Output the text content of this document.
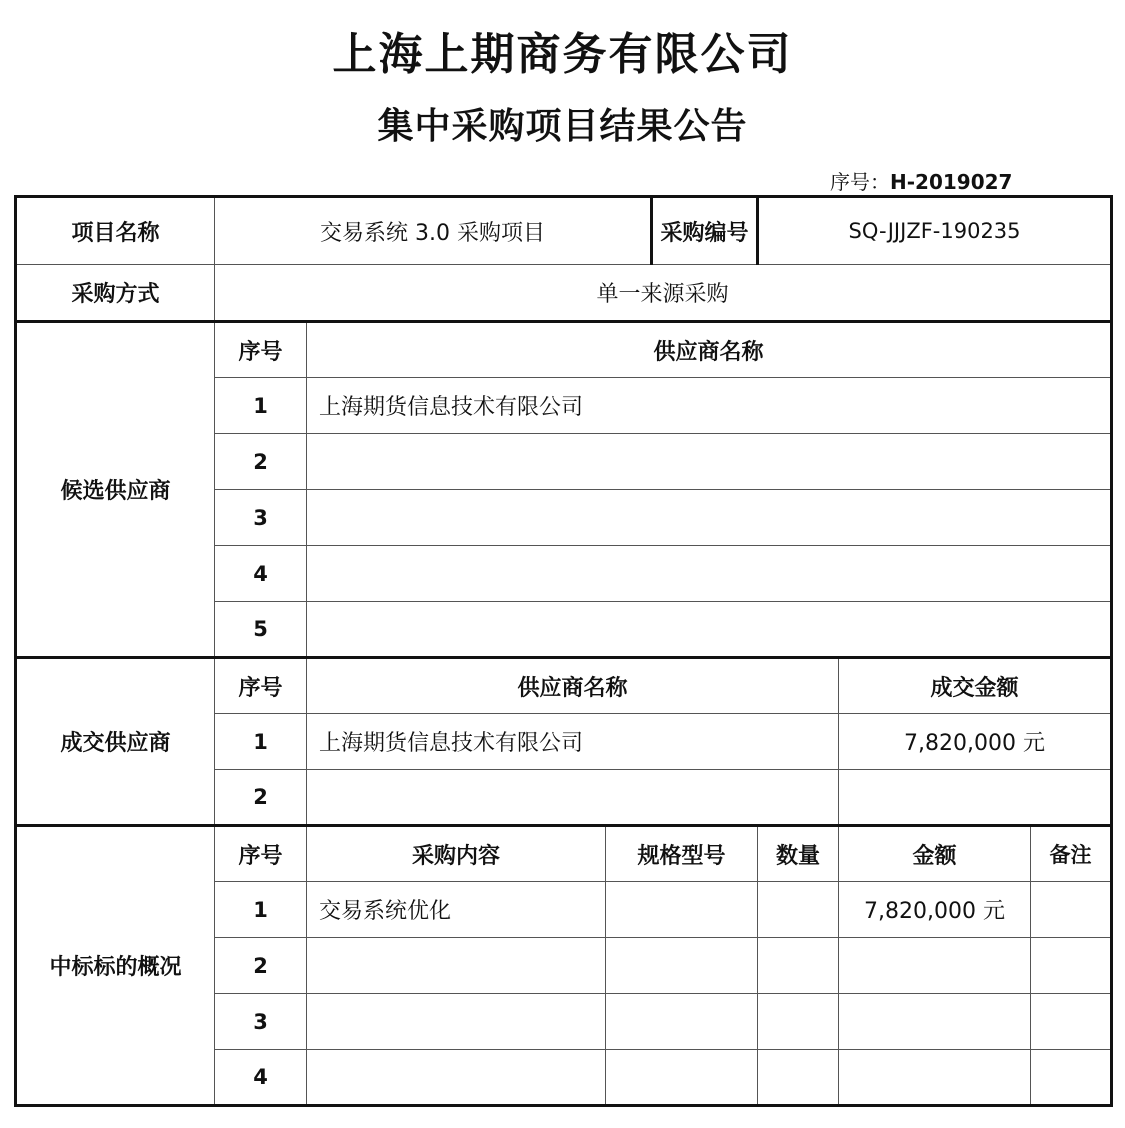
上海上期商务有限公司
集中采购项目结果公告
序号：H-2019027
项目名称	交易系统 3.0 采购项目			采购编号	SQ-JJJZF-190235		
采购方式	单一来源采购						
候选供应商	序号	供应商名称					
	1	上海期货信息技术有限公司					
	2						
	3						
	4						
	5						
成交供应商	序号	供应商名称				成交金额	
	1	上海期货信息技术有限公司				7,820,000 元	
	2						
中标标的概况	序号	采购内容	规格型号		数量	金额	备注
	1	交易系统优化				7,820,000 元	
	2						
	3						
	4						
